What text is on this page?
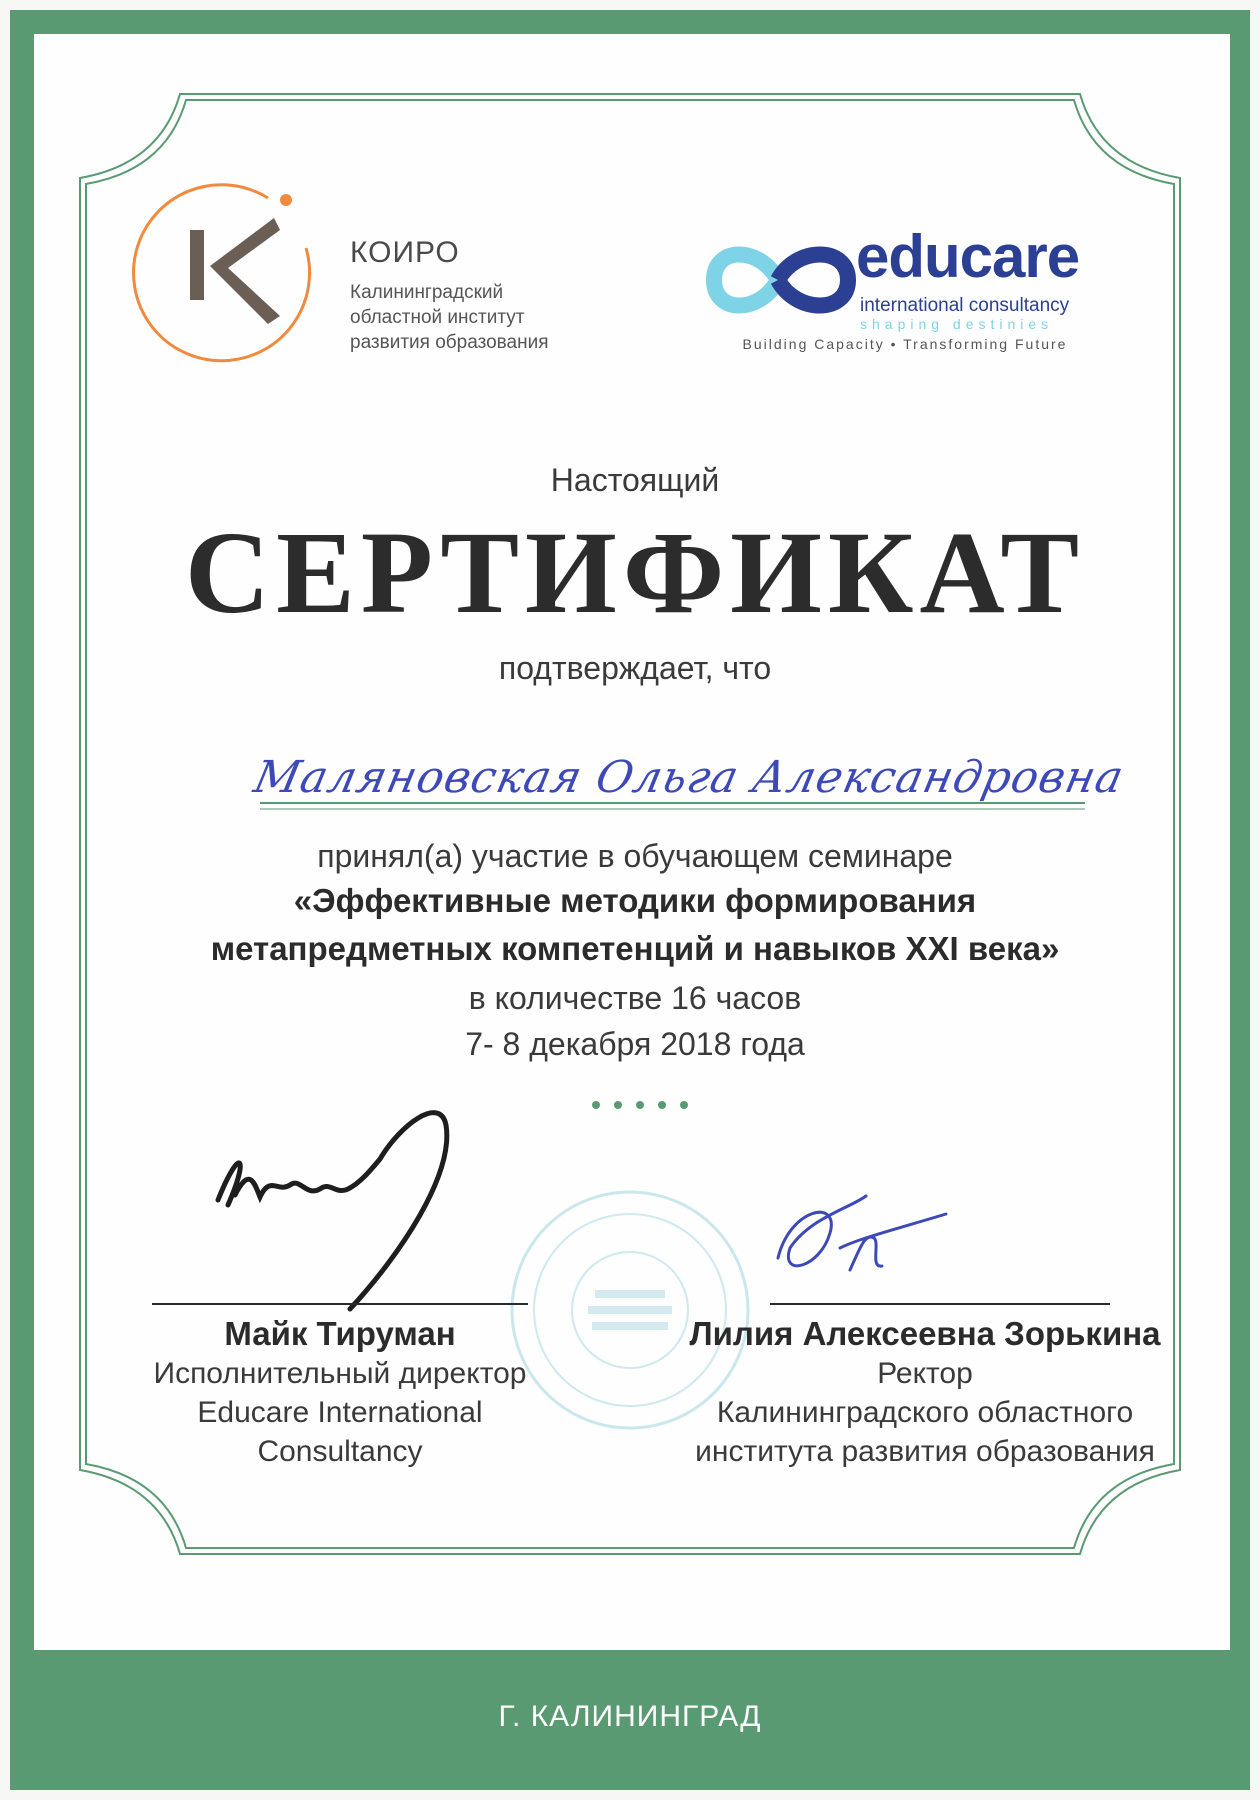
КОИРО
Калининградский
областной институт
развития образования
educare
international consultancy
shaping destinies
Building Capacity • Transforming Future
Настоящий
СЕРТИФИКАТ
подтверждает, что
Маляновская Ольга Александровна
принял(а) участие в обучающем семинаре
«Эффективные методики формирования
метапредметных компетенций и навыков XXI века»
в количестве 16 часов
7- 8 декабря 2018 года
Майк Тируман
Исполнительный директор
Educare International
Consultancy
Лилия Алексеевна Зорькина
Ректор
Калининградского областного
института развития образования
Г. КАЛИНИНГРАД
